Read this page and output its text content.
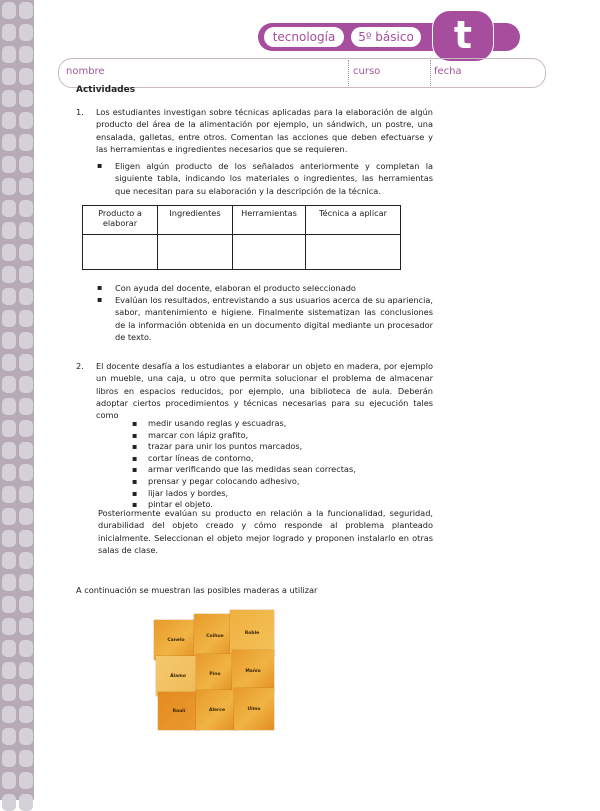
tecnología	5º básico	t
nombre	curso	fecha
Actividades
1. Los estudiantes investigan sobre técnicas aplicadas para la elaboración de algún producto del área de la alimentación por ejemplo, un sándwich, un postre, una ensalada, galletas, entre otros. Comentan las acciones que deben efectuarse y las herramientas e ingredientes necesarios que se requieren.
▪ Eligen algún producto de los señalados anteriormente y completan la siguiente tabla, indicando los materiales o ingredientes, las herramientas que necesitan para su elaboración y la descripción de la técnica.
Producto a elaborar	Ingredientes	Herramientas	Técnica a aplicar

▪ Con ayuda del docente, elaboran el producto seleccionado
▪ Evalúan los resultados, entrevistando a sus usuarios acerca de su apariencia, sabor, mantenimiento e higiene. Finalmente sistematizan las conclusiones de la información obtenida en un documento digital mediante un procesador de texto.
2. El docente desafía a los estudiantes a elaborar un objeto en madera, por ejemplo un mueble, una caja, u otro que permita solucionar el problema de almacenar libros en espacios reducidos, por ejemplo, una biblioteca de aula. Deberán adoptar ciertos procedimientos y técnicas necesarias para su ejecución tales como
▪ medir usando reglas y escuadras,
▪ marcar con lápiz grafito,
▪ trazar para unir los puntos marcados,
▪ cortar líneas de contorno,
▪ armar verificando que las medidas sean correctas,
▪ prensar y pegar colocando adhesivo,
▪ lijar lados y bordes,
▪ pintar el objeto.
Posteriormente evalúan su producto en relación a la funcionalidad, seguridad, durabilidad del objeto creado y cómo responde al problema planteado inicialmente. Seleccionan el objeto mejor logrado y proponen instalarlo en otras salas de clase.
A continuación se muestran las posibles maderas a utilizar
Canelo
Coihue
Roble
Álamo	Pino
Mañío
Raulí	Alerce	Ulmo
